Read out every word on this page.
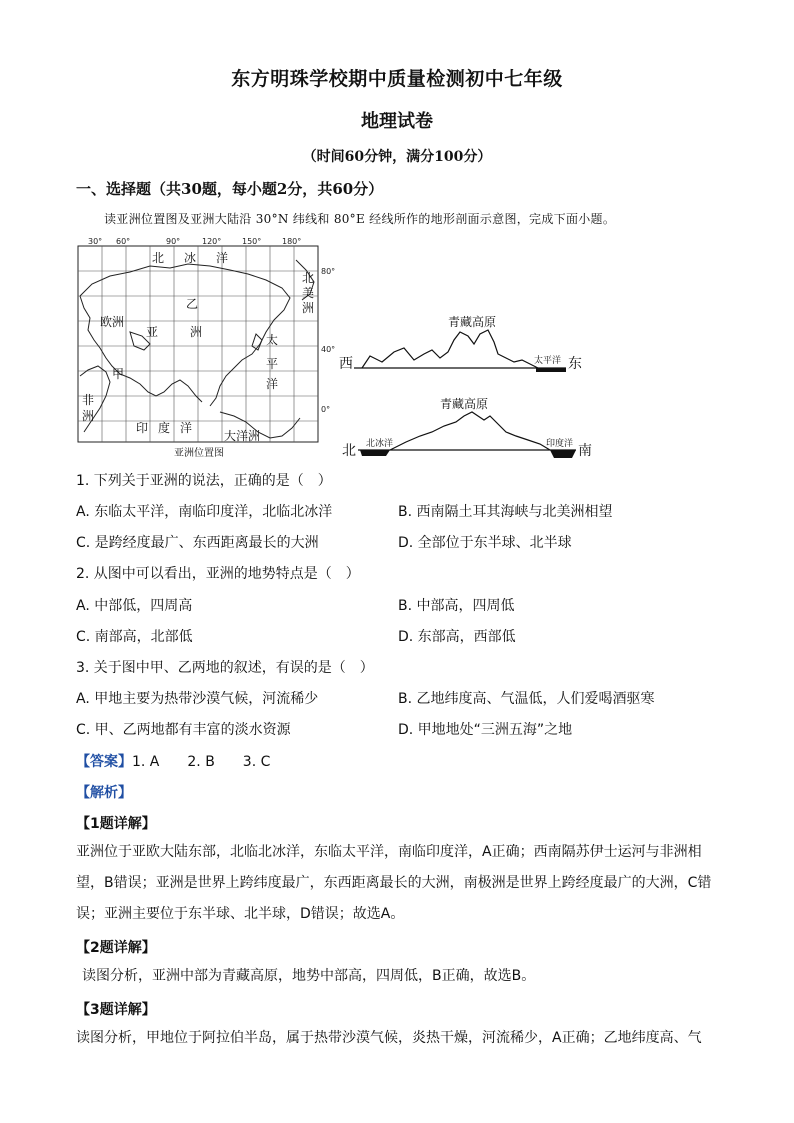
东方明珠学校期中质量检测初中七年级
地理试卷
（时间60分钟，满分100分）
一、选择题（共30题，每小题2分，共60分）
读亚洲位置图及亚洲大陆沿 30°N 纬线和 80°E 经线所作的地形剖面示意图，完成下面小题。
30° 60°	90°	120°	150°	180°
80°
40°
0°
北 冰 洋
北
美
洲
欧洲
乙
亚	洲
太
平
洋
甲
非
洲
印 度 洋
大洋洲
亚洲位置图
青藏高原
西	东
太平洋
青藏高原
北	南
北冰洋	印度洋
1. 下列关于亚洲的说法，正确的是（　）
A. 东临太平洋，南临印度洋，北临北冰洋	B. 西南隔土耳其海峡与北美洲相望
C. 是跨经度最广、东西距离最长的大洲	D. 全部位于东半球、北半球
2. 从图中可以看出，亚洲的地势特点是（　）
A. 中部低，四周高	B. 中部高，四周低
C. 南部高，北部低	D. 东部高，西部低
3. 关于图中甲、乙两地的叙述，有误的是（　）
A. 甲地主要为热带沙漠气候，河流稀少	B. 乙地纬度高、气温低，人们爱喝酒驱寒
C. 甲、乙两地都有丰富的淡水资源	D. 甲地地处“三洲五海”之地
【答案】1. A　　2. B　　3. C
【解析】
【1题详解】
亚洲位于亚欧大陆东部，北临北冰洋，东临太平洋，南临印度洋，A正确；西南隔苏伊士运河与非洲相望，B错误；亚洲是世界上跨纬度最广，东西距离最长的大洲，南极洲是世界上跨经度最广的大洲，C错误；亚洲主要位于东半球、北半球，D错误；故选A。
【2题详解】
读图分析，亚洲中部为青藏高原，地势中部高，四周低，B正确，故选B。
【3题详解】
读图分析，甲地位于阿拉伯半岛，属于热带沙漠气候，炎热干燥，河流稀少，A正确；乙地纬度高、气
